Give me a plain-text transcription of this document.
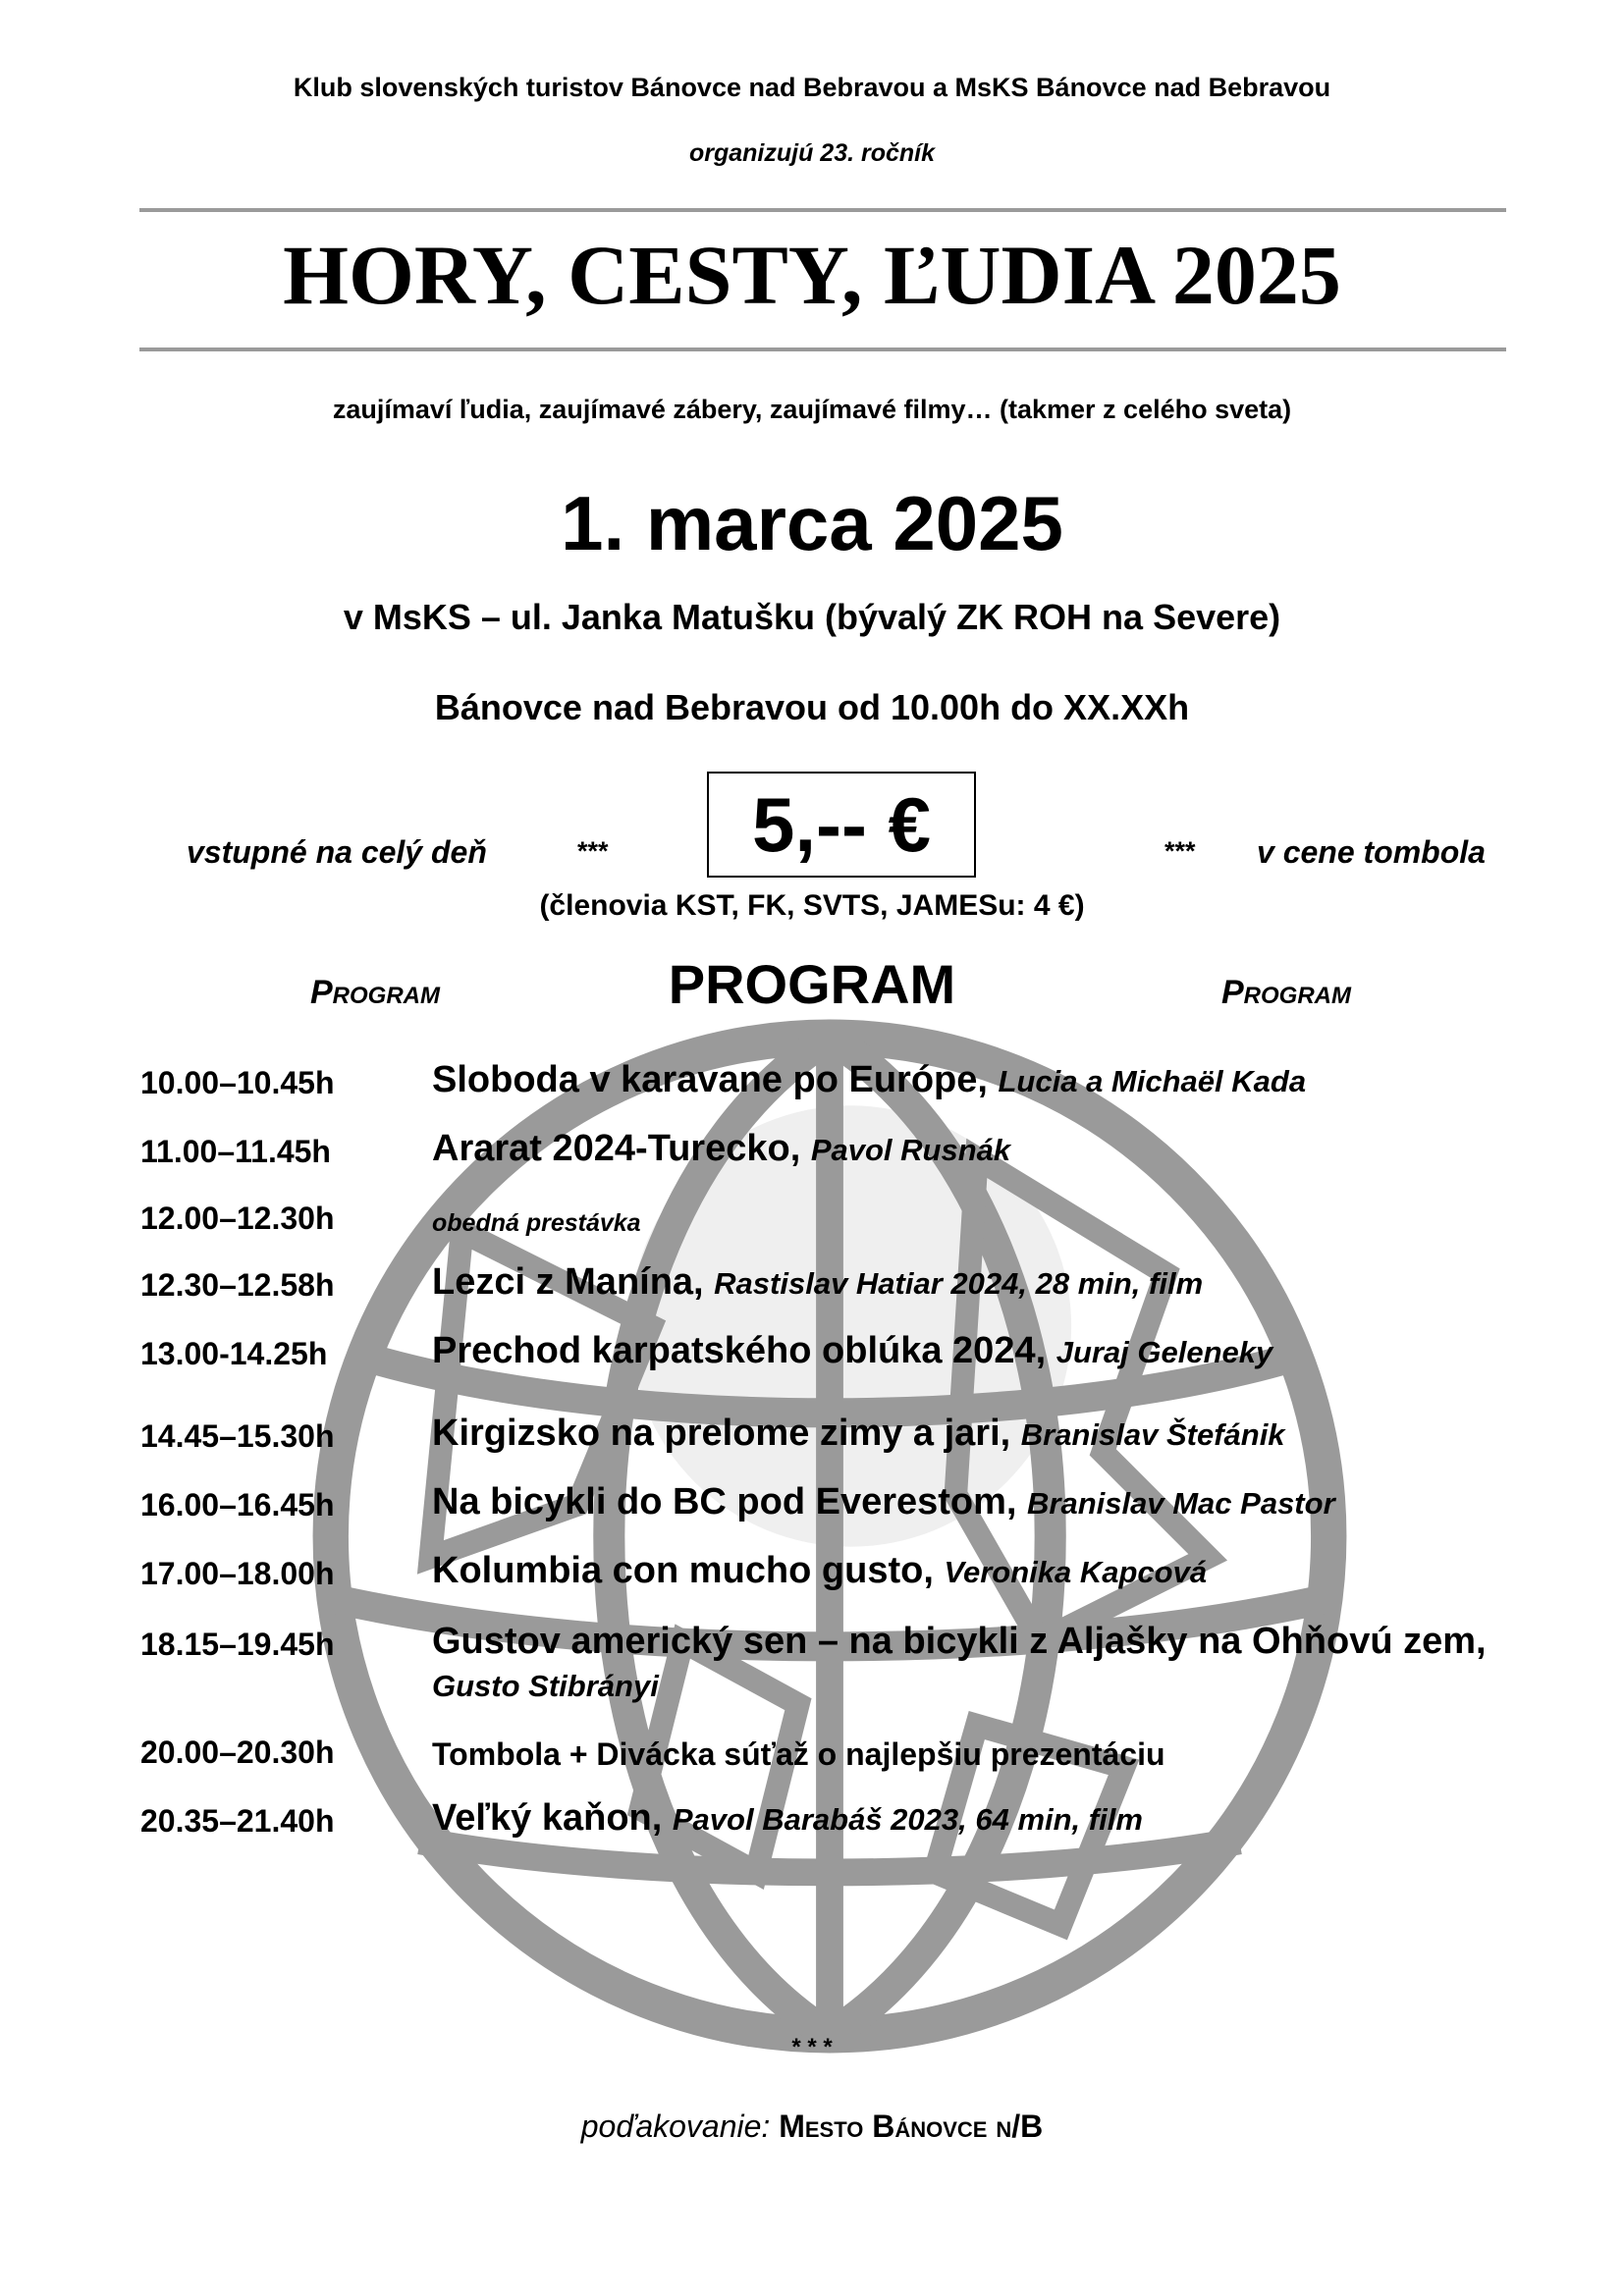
Klub slovenských turistov Bánovce nad Bebravou a MsKS Bánovce nad Bebravou
organizujú 23. ročník
HORY, CESTY, ĽUDIA 2025
zaujímaví ľudia, zaujímavé zábery, zaujímavé filmy… (takmer z celého sveta)
1. marca 2025
v MsKS – ul. Janka Matušku (bývalý ZK ROH na Severe)
Bánovce nad Bebravou od 10.00h do XX.XXh
vstupné na celý deň	***	5,-- €	*** v cene tombola
(členovia KST, FK, SVTS, JAMESu: 4 €)
Program	PROGRAM	Program
10.00–10.45h	Sloboda v karavane po Európe, Lucia a Michaël Kada
11.00–11.45h	Ararat 2024-Turecko, Pavol Rusnák
12.00–12.30h	obedná prestávka
12.30–12.58h	Lezci z Manína, Rastislav Hatiar 2024, 28 min, film
13.00-14.25h	Prechod karpatského oblúka 2024, Juraj Geleneky
14.45–15.30h	Kirgizsko na prelome zimy a jari, Branislav Štefánik
16.00–16.45h	Na bicykli do BC pod Everestom, Branislav Mac Pastor
17.00–18.00h	Kolumbia con mucho gusto, Veronika Kapcová
18.15–19.45h	Gustov americký sen – na bicykli z Aljašky na Ohňovú zem,
Gusto Stibrányi
20.00–20.30h	Tombola + Divácka súťaž o najlepšiu prezentáciu
20.35–21.40h	Veľký kaňon, Pavol Barabáš 2023, 64 min, film
* * *
poďakovanie: Mesto Bánovce n/B
